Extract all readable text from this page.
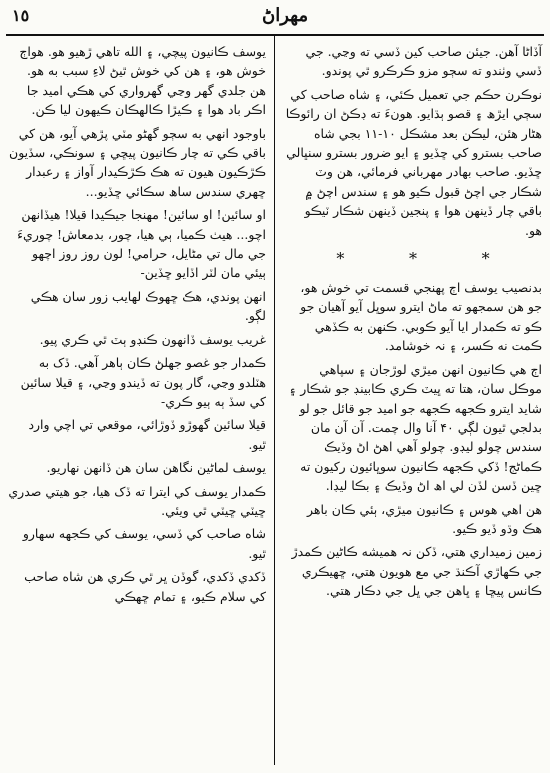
١٥	مھراڻ

آڏاڻا آھن. جيئن صاحب کين ڏسي ته وڃي. جي ڏسي وٺندو ته سڄو مزو ڪرڪرو ٿي پوندو.

نوڪرن حڪم جي تعميل ڪئي، ۽ شاه صاحب کي سڄي ايڙھ ۽ قصو ٻڌايو. ھونءَ ته ڊڪڻ ان رائوڪا ھڻار ھئن، ليڪن بعد مشڪل ١٠-١١ بجي شاه صاحب بسترو کي ڇڏيو ۽ ايو ضرور بسترو سنڀالي ڇڏيو. صاحب بهادر مهرباني فرمائي، ھن وٽ شڪار جي اچڻ قبول ڪيو ھو ۽ سندس اچڻ ۾ باقي چار ڏينهن ھوا ۽ پنجين ڏينهن شڪار ٽيڪو ھو.

*	*	*

بدنصيب يوسف اڄ پهنجي قسمت تي خوش ھو، جو ھن سمجهو ته ماڻ ايترو سوڀل آيو آھيان جو ڪو ته ڪمدار ايا آيو ڪوبي. ڪنهن به ڪڏھي ڪمت نه ڪسر، ۽ نہ خوشامد.

اڄ ھي ڪانيون انهن ميڙي لوڙجان ۽ سپاهي موڪل سان، ھتا ته ڀيٽ ڪري ڪابينڊ جو شڪار ۽ شايد ايترو ڪجھه ڪجھه جو اميد جو قائل جو لو بدلجي ٿيون لڳي ۴٠ آنا وال چمت. آن آن مان سندس چولو ليڊو. چولو آھي اھڻ اڻ وڏيڪ ڪماڻج! ڏکي ڪجھه ڪانيون سوڀائيون رکيون ته ڇين ڏسن لڏن لي اھ اڻ وڏيڪ ۽ بڪا ليڊا.

ھن اھي ھوس ۽ ڪانيون ميڙي، ٻئي ڪان باھر ھڪ وڌو ڏيو ڪيو.

زمين زميداري ھتي، ڏکن نہ ھميشه ڪاڻين ڪمدڙ جي ڪهاڙي آڪنڌ جي مع ھويون ھتي، ڇھيڪري ڪانس پيڇا ۽ ڀاھن جي ڀل جي دڪار ھتي.

يوسف ڪانيون پيچي، ۽ الله تاھي ڙھيو ھو. ھواڄ خوش ھو، ۽ ھن کي خوش ٿيڻ لاءِ سبب به ھو. ھن جلدي گهر وڃي گهرواري کي ھڪي اميد جا اڪر باد ھوا ۽ ڪيڙا ڪالهڪان ڪيھون ليا ڪن.

باوجود انهي به سڄو گهڻو مٽي پڙھي آيو، ھن کي باقي ڪي ته چار ڪانيون پيڇي ۽ سونڪي، سڏيون ڪڙڪيون ھيون ته ھڪ ڪڙڪيدار آواز ۽ رعبدار ڇهري سندس ساھ سڪائي ڇڏيو...

او سائين! او سائين! مهنجا جيڪيدا قيلا! ھيڏانهن اچو... ھيٺ ڪميا، ٻي ھيا، چور، بدمعاش! چوريءَ جي مال تي مڻايل، حرامي! لون روز روز اچهو ٻيئي مان لٽر اڏايو ڇڏين-

انهن پوندي، ھڪ ڇهوڪ لهايب زور سان ھڪي لڳو.

غريب يوسف ڏانهون ڪنڊو ٻٽ ٿي ڪري پيو.

ڪمدار جو غصو جهلڻ ڪان ٻاھر آھي. ڏک به ھٽلدو وڃي، گار پون ته ڏيندو وڃي، ۽ قيلا سائين کي سڏ ٻه ٻيو ڪري-

قيلا سائين گهوڙو ڏوڙائي، موقعي تي اچي وارد ٿيو.

يوسف لماڻين نگاھن سان ھن ڏانهن نهاريو.

ڪمدار يوسف کي ايترا ته ڏک ھيا، جو ھيتي صدري ڇيٽي ڇيٽي ٿي ويئي.

شاه صاحب کي ڏسي، يوسف کي ڪجھه سهارو ٿيو.

ڏکدي ڏکدي، گوڏن ڀر ٿي ڪري ھن شاه صاحب کي سلام ڪيو، ۽ تمام ڇهڪي
